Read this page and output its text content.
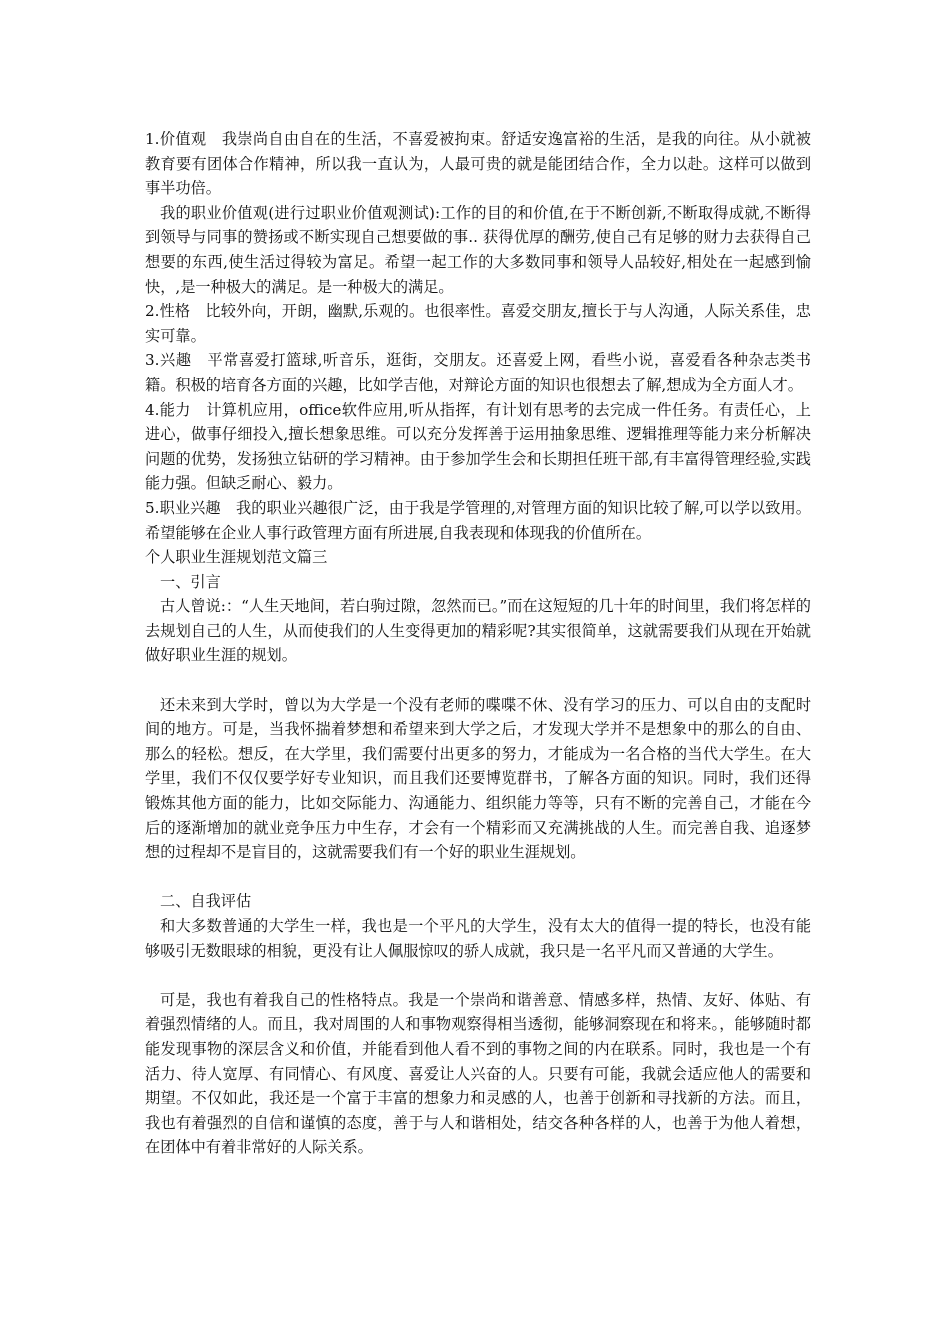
1.价值观　我崇尚自由自在的生活，不喜爱被拘束。舒适安逸富裕的生活，是我的向往。从小就被教育要有团体合作精神，所以我一直认为，人最可贵的就是能团结合作，全力以赴。这样可以做到事半功倍。

我的职业价值观(进行过职业价值观测试):工作的目的和价值,在于不断创新,不断取得成就,不断得到领导与同事的赞扬或不断实现自己想要做的事.. 获得优厚的酬劳,使自己有足够的财力去获得自己想要的东西,使生活过得较为富足。希望一起工作的大多数同事和领导人品较好,相处在一起感到愉快，,是一种极大的满足。是一种极大的满足。

2.性格　比较外向，开朗，幽默,乐观的。也很率性。喜爱交朋友,擅长于与人沟通，人际关系佳，忠实可靠。

3.兴趣　平常喜爱打篮球,听音乐，逛街，交朋友。还喜爱上网，看些小说，喜爱看各种杂志类书籍。积极的培育各方面的兴趣，比如学吉他，对辩论方面的知识也很想去了解,想成为全方面人才。

4.能力　计算机应用，office软件应用,听从指挥，有计划有思考的去完成一件任务。有责任心，上进心，做事仔细投入,擅长想象思维。可以充分发挥善于运用抽象思维、逻辑推理等能力来分析解决问题的优势，发扬独立钻研的学习精神。由于参加学生会和长期担任班干部,有丰富得管理经验,实践能力强。但缺乏耐心、毅力。

5.职业兴趣　我的职业兴趣很广泛，由于我是学管理的,对管理方面的知识比较了解,可以学以致用。希望能够在企业人事行政管理方面有所进展,自我表现和体现我的价值所在。

个人职业生涯规划范文篇三

一、引言

古人曾说:：“人生天地间，若白驹过隙，忽然而已。”而在这短短的几十年的时间里，我们将怎样的去规划自己的人生，从而使我们的人生变得更加的精彩呢?其实很简单，这就需要我们从现在开始就做好职业生涯的规划。

还未来到大学时，曾以为大学是一个没有老师的喋喋不休、没有学习的压力、可以自由的支配时间的地方。可是，当我怀揣着梦想和希望来到大学之后，才发现大学并不是想象中的那么的自由、那么的轻松。想反，在大学里，我们需要付出更多的努力，才能成为一名合格的当代大学生。在大学里，我们不仅仅要学好专业知识，而且我们还要博览群书，了解各方面的知识。同时，我们还得锻炼其他方面的能力，比如交际能力、沟通能力、组织能力等等，只有不断的完善自己，才能在今后的逐渐增加的就业竞争压力中生存，才会有一个精彩而又充满挑战的人生。而完善自我、追逐梦想的过程却不是盲目的，这就需要我们有一个好的职业生涯规划。

二、自我评估

和大多数普通的大学生一样，我也是一个平凡的大学生，没有太大的值得一提的特长，也没有能够吸引无数眼球的相貌，更没有让人佩服惊叹的骄人成就，我只是一名平凡而又普通的大学生。

可是，我也有着我自己的性格特点。我是一个崇尚和谐善意、情感多样，热情、友好、体贴、有着强烈情绪的人。而且，我对周围的人和事物观察得相当透彻，能够洞察现在和将来。，能够随时都能发现事物的深层含义和价值，并能看到他人看不到的事物之间的内在联系。同时，我也是一个有活力、待人宽厚、有同情心、有风度、喜爱让人兴奋的人。只要有可能，我就会适应他人的需要和期望。不仅如此，我还是一个富于丰富的想象力和灵感的人，也善于创新和寻找新的方法。而且，我也有着强烈的自信和谨慎的态度，善于与人和谐相处，结交各种各样的人，也善于为他人着想，在团体中有着非常好的人际关系。
